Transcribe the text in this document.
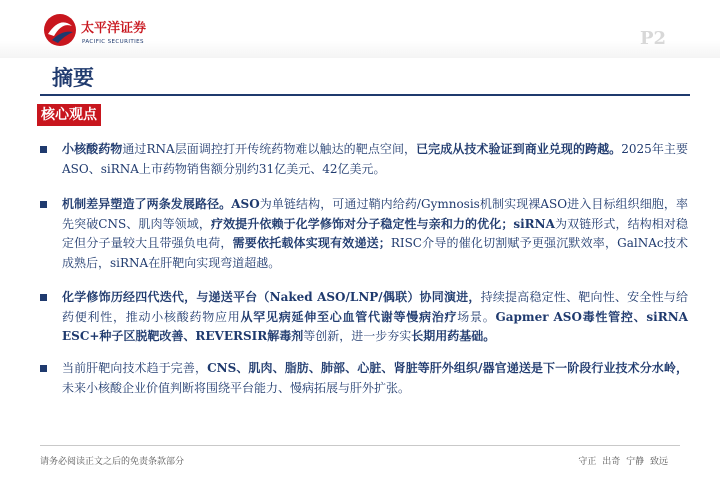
太平洋证券
PACIFIC SECURITIES	P2
摘要
核心观点
小核酸药物通过RNA层面调控打开传统药物难以触达的靶点空间，已完成从技术验证到商业兑现的跨越。2025年主要ASO、siRNA上市药物销售额分别约31亿美元、42亿美元。
机制差异塑造了两条发展路径。ASO为单链结构，可通过鞘内给药/Gymnosis机制实现裸ASO进入目标组织细胞，率先突破CNS、肌肉等领域，疗效提升依赖于化学修饰对分子稳定性与亲和力的优化；siRNA为双链形式，结构相对稳定但分子量较大且带强负电荷，需要依托载体实现有效递送；RISC介导的催化切割赋予更强沉默效率，GalNAc技术成熟后，siRNA在肝靶向实现弯道超越。
化学修饰历经四代迭代，与递送平台（Naked ASO/LNP/偶联）协同演进，持续提高稳定性、靶向性、安全性与给药便利性，推动小核酸药物应用从罕见病延伸至心血管代谢等慢病治疗场景。Gapmer ASO毒性管控、siRNA ESC+种子区脱靶改善、REVERSIR解毒剂等创新，进一步夯实长期用药基础。
当前肝靶向技术趋于完善，CNS、肌肉、脂肪、肺部、心脏、肾脏等肝外组织/器官递送是下一阶段行业技术分水岭，未来小核酸企业价值判断将围绕平台能力、慢病拓展与肝外扩张。
请务必阅读正文之后的免责条款部分	守正 出奇 宁静 致远
